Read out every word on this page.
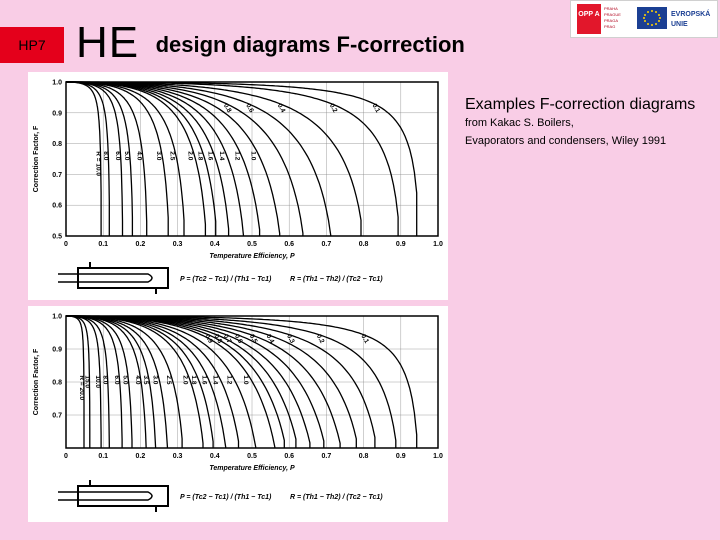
HP7 HE design diagrams F-correction
OPP A
PRAHA
PRAGUE
PRAGA
PRAG
EVROPSKÁ
UNIE
Examples F-correction diagrams from Kakac S. Boilers,
Evaporators and condensers, Wiley 1991
R = 10.0 8.0 6.0 5.0 4.0 3.0 2.5 2.0 1.8 1.6 1.4 1.2 1.0
0.8 0.6	0.4	0.2	0.1
0	0.1	0.2	0.3	0.4	0.5	0.6	0.7	0.8	0.9	1.0
0.5
0.6
0.7
0.8
0.9
1.0
Temperature Efficiency, P
Correction Factor, F
P = (Tc2 − Tc1) / (Th1 − Tc1)	R = (Th1 − Th2) / (Tc2 − Tc1)
R = 20.0
15.0 10.0 8.0 6.0 5.0 4.0 3.5 3.0 2.5 2.0 1.8 1.6 1.4 1.2 1.0
0.9
0.8
0.7 0.6 0.5 0.4 0.3	0.2	0.1
0	0.1	0.2	0.3	0.4	0.5	0.6	0.7	0.8	0.9	1.0
0.7
0.8
0.9
1.0
Temperature Efficiency, P
Correction Factor, F
P = (Tc2 − Tc1) / (Th1 − Tc1)	R = (Th1 − Th2) / (Tc2 − Tc1)
